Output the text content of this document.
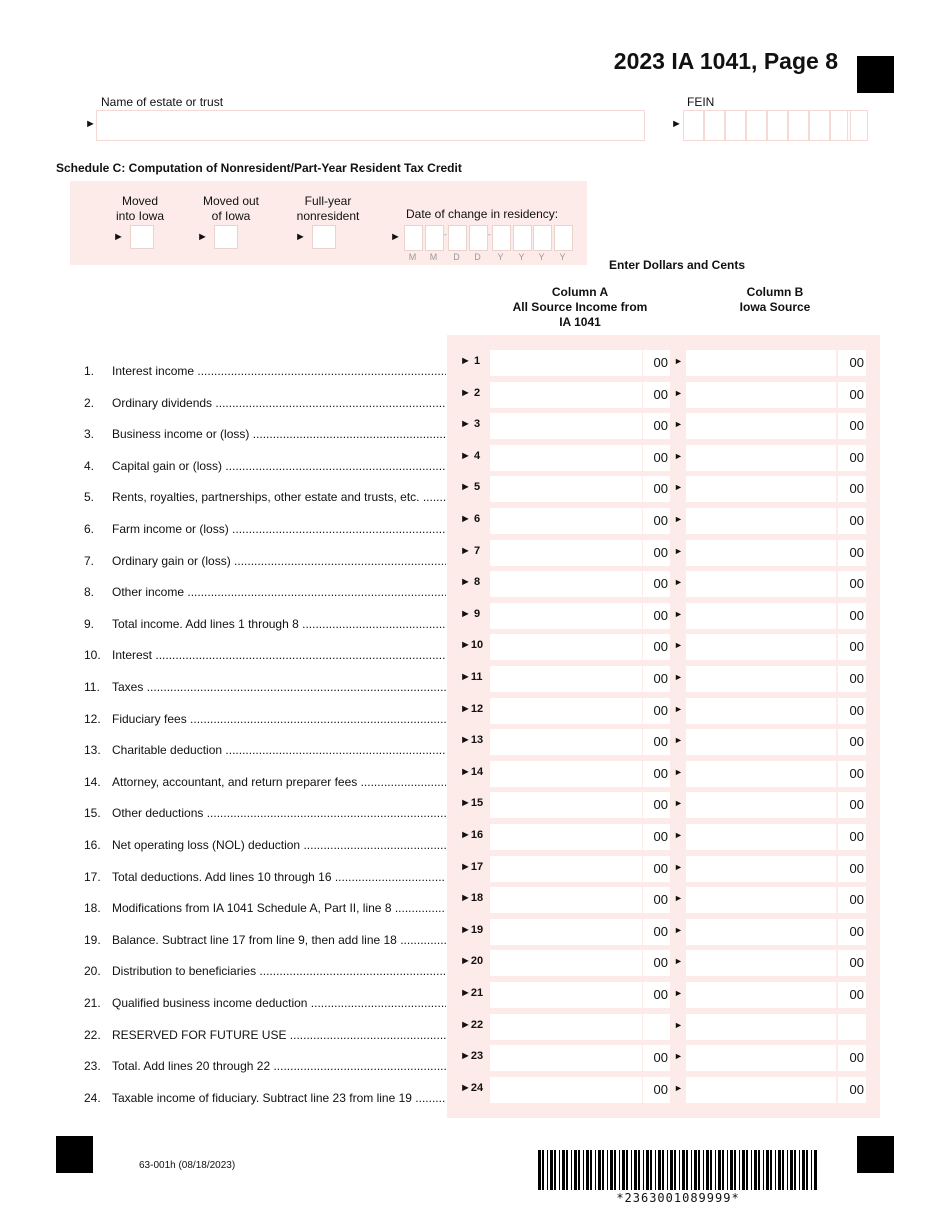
2023 IA 1041, Page 8
Name of estate or trust
►
FEIN
►
Schedule C: Computation of Nonresident/Part-Year Resident Tax Credit
Moved
into Iowa
►
Moved out
of Iowa
►
Full-year
nonresident
►
Date of change in residency:
►	-	-
M	M	D	D	Y	Y	Y	Y
Enter Dollars and Cents
Column A
All Source Income from
IA 1041
Column B
Iowa Source
1. Interest income .....
► 1	00 ►	00
2. Ordinary dividends .....
► 2	00 ►	00
3. Business income or (loss) .....
► 3	00 ►	00
4. Capital gain or (loss) .....
► 4	00 ►	00
5. Rents, royalties, partnerships, other estate and trusts, etc. .....
► 5	00 ►	00
6. Farm income or (loss) .....
► 6	00 ►	00
7. Ordinary gain or (loss) .....
► 7	00 ►	00
8. Other income .....
► 8	00 ►	00
9. Total income. Add lines 1 through 8 .....
► 9	00 ►	00
10. Interest .....
►10	00 ►	00
11. Taxes .....
►11	00 ►	00
12. Fiduciary fees .....
►12	00 ►	00
13. Charitable deduction .....
►13	00 ►	00
14. Attorney, accountant, and return preparer fees .....
►14	00 ►	00
15. Other deductions .....
►15	00 ►	00
16. Net operating loss (NOL) deduction .....
►16	00 ►	00
17. Total deductions. Add lines 10 through 16 .....
►17	00 ►	00
18. Modifications from IA 1041 Schedule A, Part II, line 8 .....
►18	00 ►	00
19. Balance. Subtract line 17 from line 9, then add line 18 .....
►19	00 ►	00
20. Distribution to beneficiaries .....
►20	00 ►	00
21. Qualified business income deduction .....
►21	00 ►	00
22. RESERVED FOR FUTURE USE .....
►22	►
23. Total. Add lines 20 through 22 .....
►23	00 ►	00
24. Taxable income of fiduciary. Subtract line 23 from line 19 .....
►24	00 ►	00
63-001h (08/18/2023)
*2363001089999*
